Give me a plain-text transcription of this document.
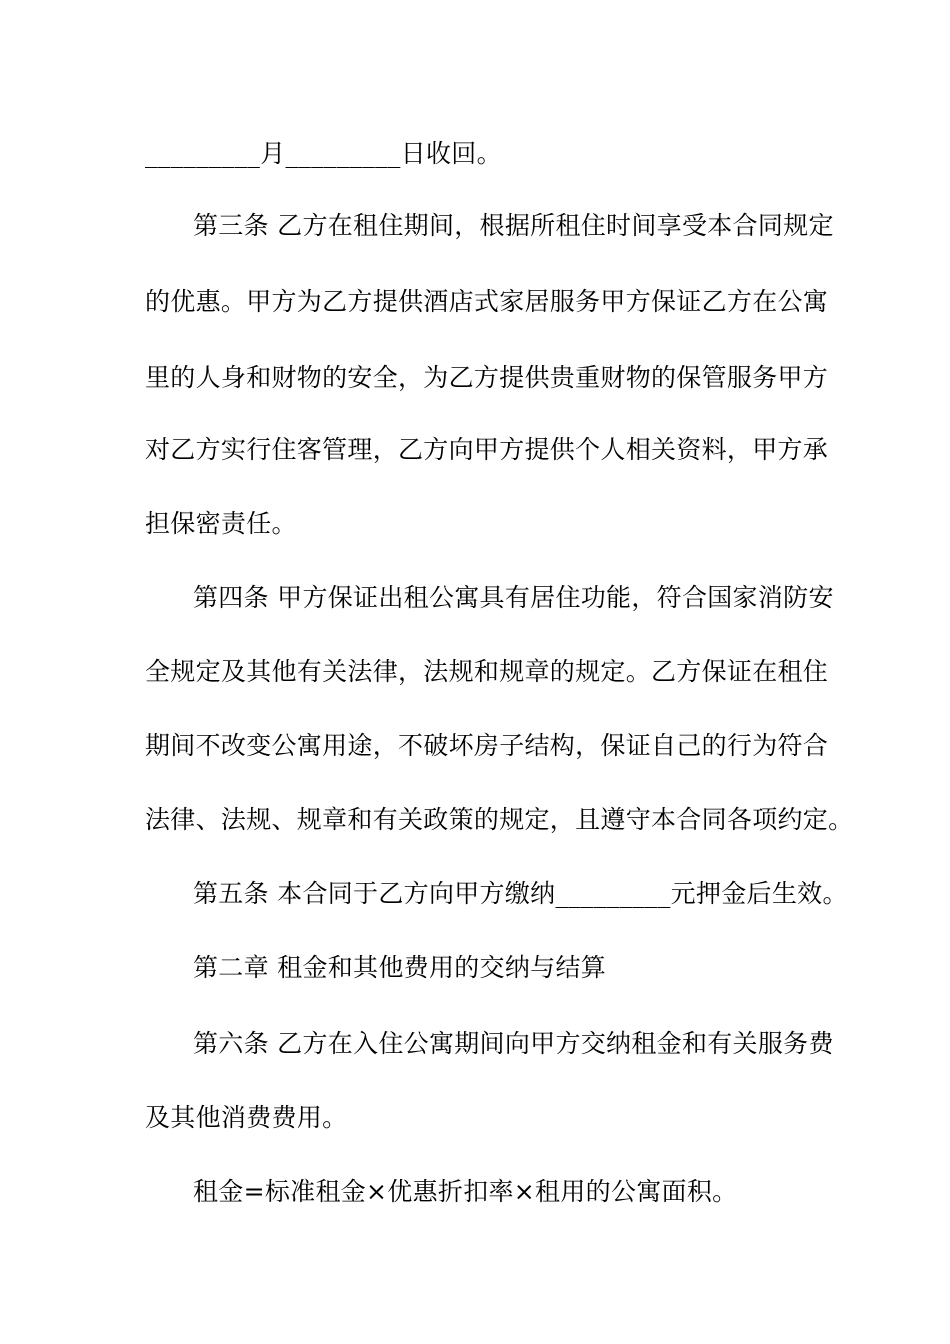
_________月_________日收回。
第三条 乙方在租住期间，根据所租住时间享受本合同规定
的优惠。甲方为乙方提供酒店式家居服务甲方保证乙方在公寓
里的人身和财物的安全，为乙方提供贵重财物的保管服务甲方
对乙方实行住客管理，乙方向甲方提供个人相关资料，甲方承
担保密责任。
第四条 甲方保证出租公寓具有居住功能，符合国家消防安
全规定及其他有关法律，法规和规章的规定。乙方保证在租住
期间不改变公寓用途，不破坏房子结构，保证自己的行为符合
法律、法规、规章和有关政策的规定，且遵守本合同各项约定。
第五条 本合同于乙方向甲方缴纳_________元押金后生效。
第二章 租金和其他费用的交纳与结算
第六条 乙方在入住公寓期间向甲方交纳租金和有关服务费
及其他消费费用。
租金=标准租金×优惠折扣率×租用的公寓面积。
